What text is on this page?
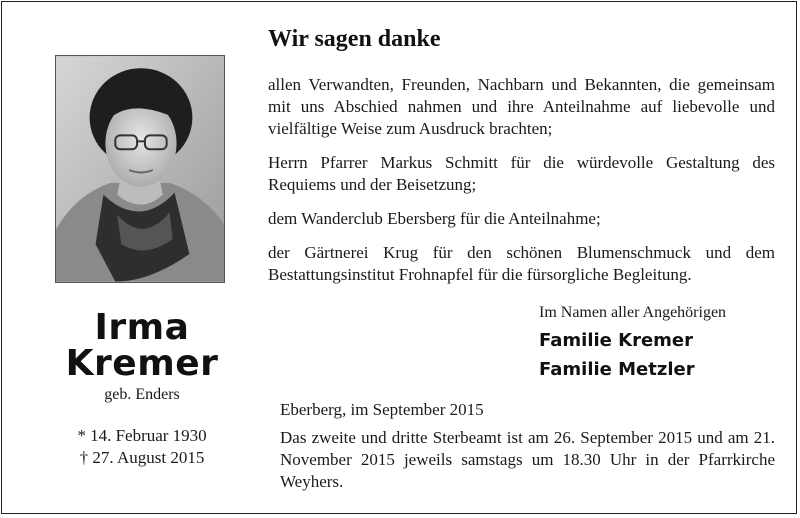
Irma
Kremer
geb. Enders
* 14. Februar 1930
† 27. August 2015
Wir sagen danke
allen Verwandten, Freunden, Nachbarn und Bekannten, die gemeinsam mit uns Abschied nahmen und ihre Anteilnahme auf liebevolle und vielfältige Weise zum Ausdruck brachten;
Herrn Pfarrer Markus Schmitt für die würdevolle Gestaltung des Requiems und der Beisetzung;
dem Wanderclub Ebersberg für die Anteilnahme;
der Gärtnerei Krug für den schönen Blumenschmuck und dem Bestattungsinstitut Frohnapfel für die fürsorgliche Begleitung.
Im Namen aller Angehörigen
Familie Kremer
Familie Metzler
Eberberg, im September 2015
Das zweite und dritte Sterbeamt ist am 26. September 2015 und am 21. November 2015 jeweils samstags um 18.30 Uhr in der Pfarrkirche Weyhers.
